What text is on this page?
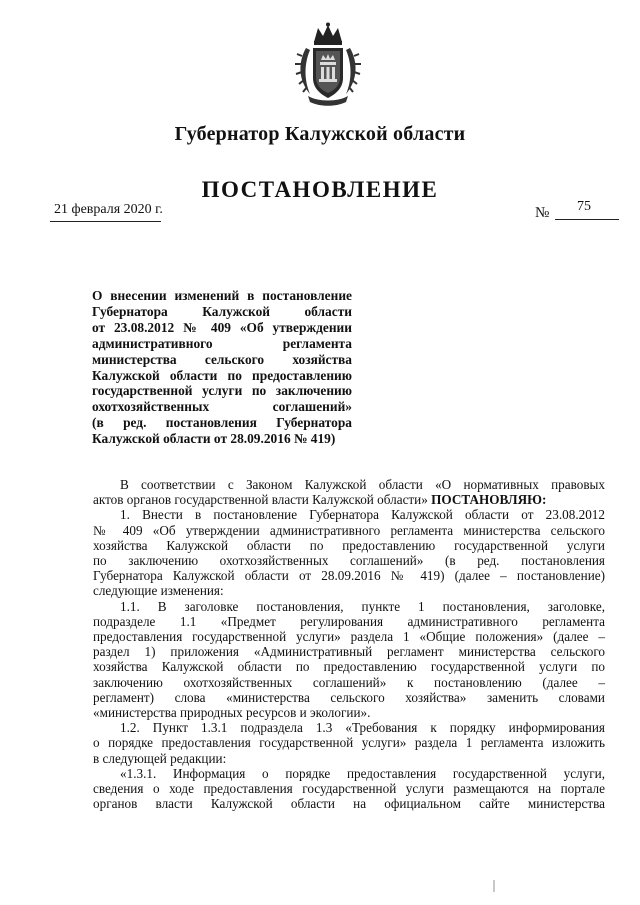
Губернатор Калужской области
ПОСТАНОВЛЕНИЕ
21 февраля 2020 г.	№ 75
О внесении изменений в постановление
Губернатора Калужской области
от 23.08.2012 № 409 «Об утверждении
административного регламента
министерства сельского хозяйства
Калужской области по предоставлению
государственной услуги по заключению
охотхозяйственных соглашений»
(в ред. постановления Губернатора
Калужской области от 28.09.2016 № 419)
В соответствии с Законом Калужской области «О нормативных правовых
актов органов государственной власти Калужской области» ПОСТАНОВЛЯЮ:
1. Внести в постановление Губернатора Калужской области от 23.08.2012
№ 409 «Об утверждении административного регламента министерства сельского
хозяйства Калужской области по предоставлению государственной услуги
по заключению охотхозяйственных соглашений» (в ред. постановления
Губернатора Калужской области от 28.09.2016 № 419) (далее – постановление)
следующие изменения:
1.1. В заголовке постановления, пункте 1 постановления, заголовке,
подразделе 1.1 «Предмет регулирования административного регламента
предоставления государственной услуги» раздела 1 «Общие положения» (далее –
раздел 1) приложения «Административный регламент министерства сельского
хозяйства Калужской области по предоставлению государственной услуги по
заключению охотхозяйственных соглашений» к постановлению (далее –
регламент) слова «министерства сельского хозяйства» заменить словами
«министерства природных ресурсов и экологии».
1.2. Пункт 1.3.1 подраздела 1.3 «Требования к порядку информирования
о порядке предоставления государственной услуги» раздела 1 регламента изложить
в следующей редакции:
«1.3.1. Информация о порядке предоставления государственной услуги,
сведения о ходе предоставления государственной услуги размещаются на портале
органов власти Калужской области на официальном сайте министерства
